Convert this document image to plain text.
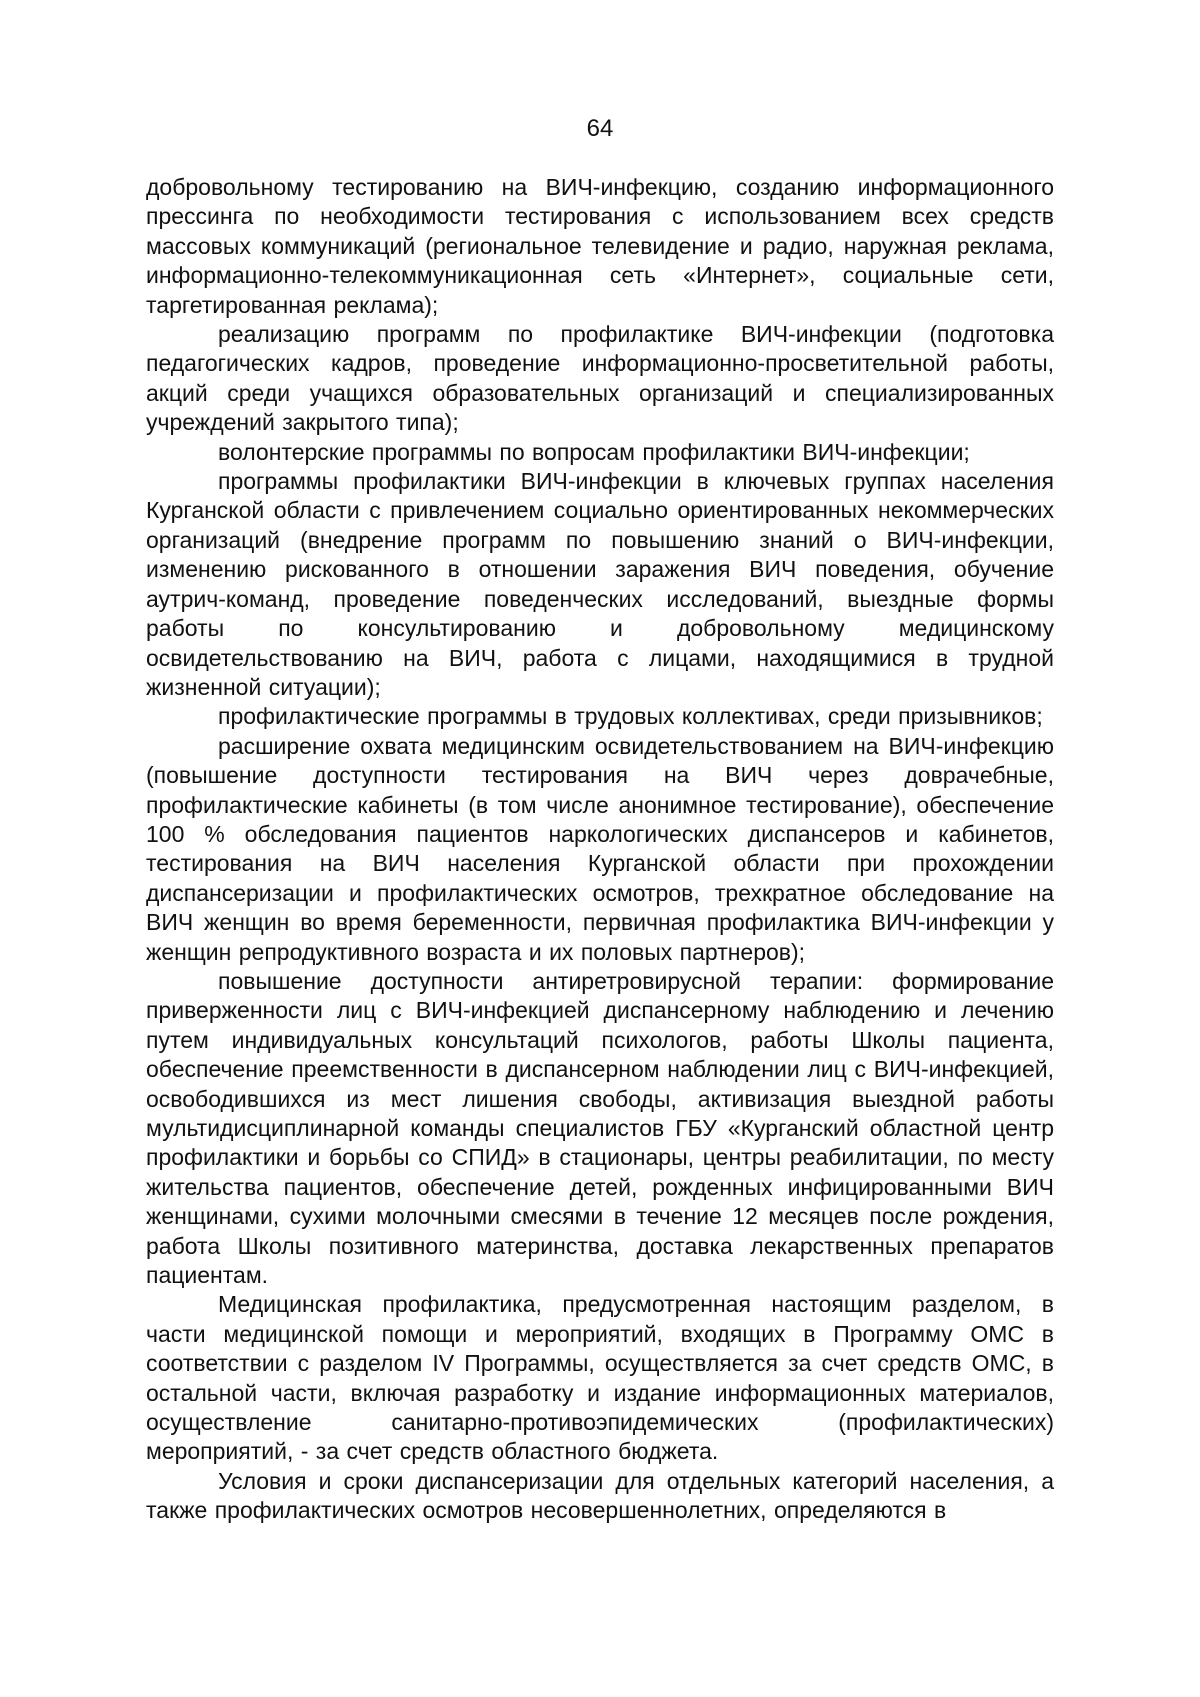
64

добровольному тестированию на ВИЧ-инфекцию, созданию информационного прессинга по необходимости тестирования с использованием всех средств массовых коммуникаций (региональное телевидение и радио, наружная реклама, информационно-телекоммуникационная сеть «Интернет», социальные сети, таргетированная реклама);

реализацию программ по профилактике ВИЧ-инфекции (подготовка педагогических кадров, проведение информационно-просветительной работы, акций среди учащихся образовательных организаций и специализированных учреждений закрытого типа);

волонтерские программы по вопросам профилактики ВИЧ-инфекции;

программы профилактики ВИЧ-инфекции в ключевых группах населения Курганской области с привлечением социально ориентированных некоммерческих организаций (внедрение программ по повышению знаний о ВИЧ-инфекции, изменению рискованного в отношении заражения ВИЧ поведения, обучение аутрич-команд, проведение поведенческих исследований, выездные формы работы по консультированию и добровольному медицинскому освидетельствованию на ВИЧ, работа с лицами, находящимися в трудной жизненной ситуации);

профилактические программы в трудовых коллективах, среди призывников;

расширение охвата медицинским освидетельствованием на ВИЧ-инфекцию (повышение доступности тестирования на ВИЧ через доврачебные, профилактические кабинеты (в том числе анонимное тестирование), обеспечение 100 % обследования пациентов наркологических диспансеров и кабинетов, тестирования на ВИЧ населения Курганской области при прохождении диспансеризации и профилактических осмотров, трехкратное обследование на ВИЧ женщин во время беременности, первичная профилактика ВИЧ-инфекции у женщин репродуктивного возраста и их половых партнеров);

повышение доступности антиретровирусной терапии: формирование приверженности лиц с ВИЧ-инфекцией диспансерному наблюдению и лечению путем индивидуальных консультаций психологов, работы Школы пациента, обеспечение преемственности в диспансерном наблюдении лиц с ВИЧ-инфекцией, освободившихся из мест лишения свободы, активизация выездной работы мультидисциплинарной команды специалистов ГБУ «Курганский областной центр профилактики и борьбы со СПИД» в стационары, центры реабилитации, по месту жительства пациентов, обеспечение детей, рожденных инфицированными ВИЧ женщинами, сухими молочными смесями в течение 12 месяцев после рождения, работа Школы позитивного материнства, доставка лекарственных препаратов пациентам.

Медицинская профилактика, предусмотренная настоящим разделом, в части медицинской помощи и мероприятий, входящих в Программу ОМС в соответствии с разделом IV Программы, осуществляется за счет средств ОМС, в остальной части, включая разработку и издание информационных материалов, осуществление санитарно-противоэпидемических (профилактических) мероприятий, - за счет средств областного бюджета.

Условия и сроки диспансеризации для отдельных категорий населения, а также профилактических осмотров несовершеннолетних, определяются в
